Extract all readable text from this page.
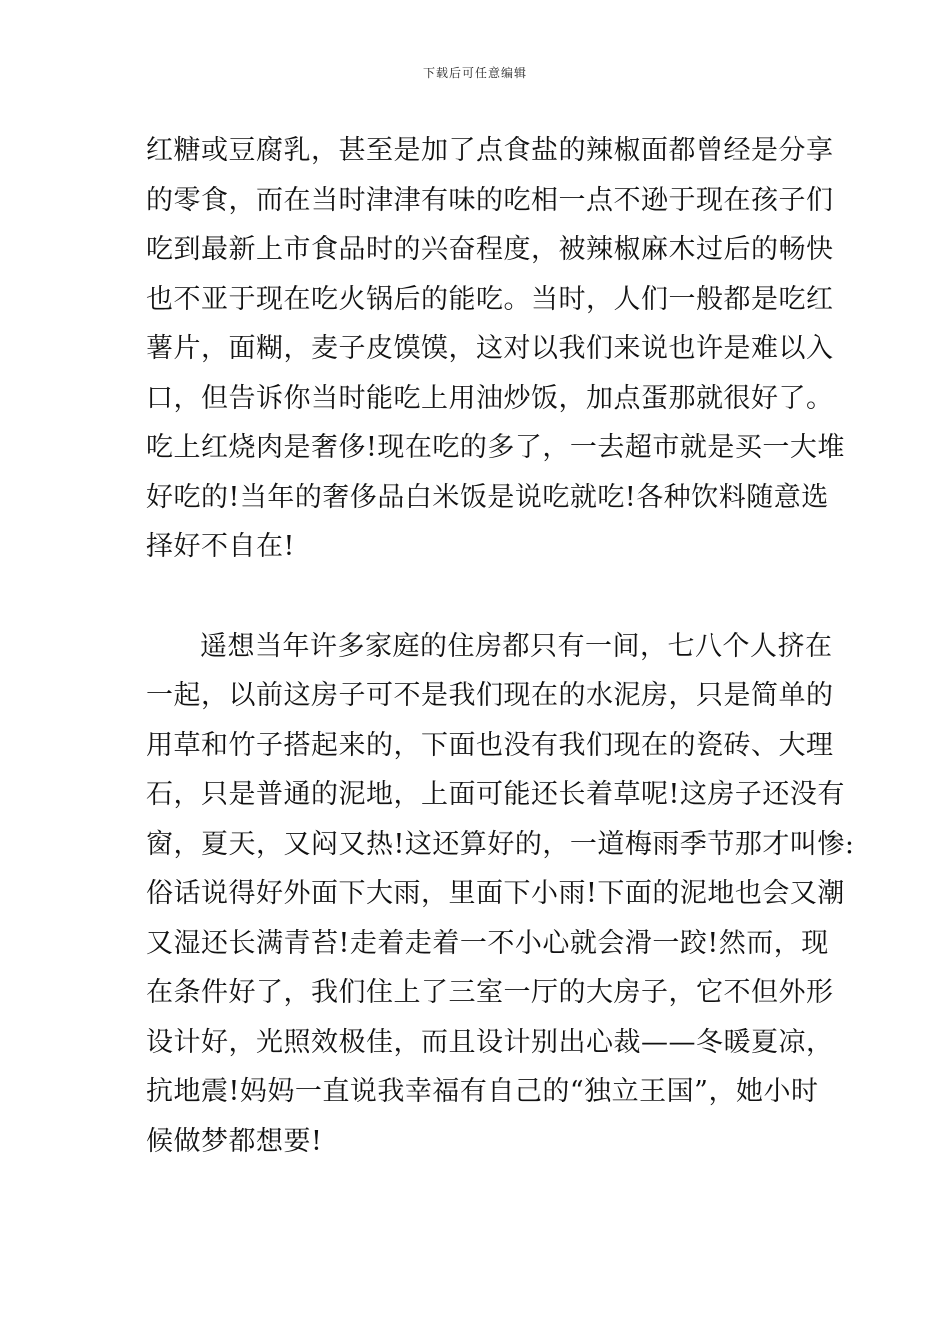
下载后可任意编辑

红糖或豆腐乳，甚至是加了点食盐的辣椒面都曾经是分享
的零食，而在当时津津有味的吃相一点不逊于现在孩子们
吃到最新上市食品时的兴奋程度，被辣椒麻木过后的畅快
也不亚于现在吃火锅后的能吃。当时，人们一般都是吃红
薯片，面糊，麦子皮馍馍，这对以我们来说也许是难以入
口，但告诉你当时能吃上用油炒饭，加点蛋那就很好了。
吃上红烧肉是奢侈!现在吃的多了，一去超市就是买一大堆
好吃的!当年的奢侈品白米饭是说吃就吃!各种饮料随意选
择好不自在!

遥想当年许多家庭的住房都只有一间，七八个人挤在
一起，以前这房子可不是我们现在的水泥房，只是简单的
用草和竹子搭起来的，下面也没有我们现在的瓷砖、大理
石，只是普通的泥地，上面可能还长着草呢!这房子还没有
窗，夏天，又闷又热!这还算好的，一道梅雨季节那才叫惨:
俗话说得好外面下大雨，里面下小雨!下面的泥地也会又潮
又湿还长满青苔!走着走着一不小心就会滑一跤!然而，现
在条件好了，我们住上了三室一厅的大房子，它不但外形
设计好，光照效极佳，而且设计别出心裁——冬暖夏凉，
抗地震!妈妈一直说我幸福有自己的“独立王国”，她小时
候做梦都想要!
